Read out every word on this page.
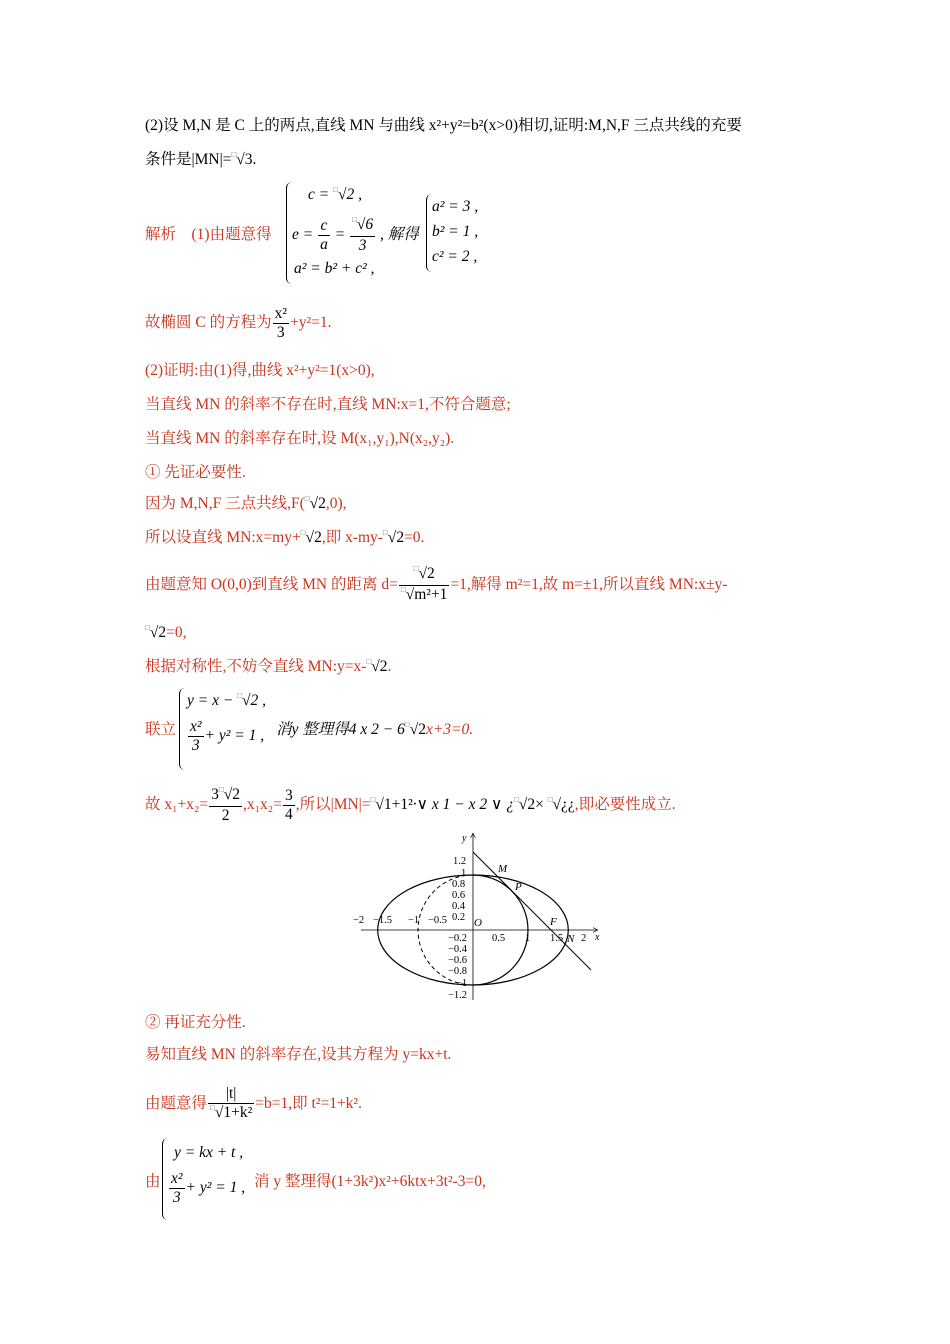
(2)设 M,N 是 C 上的两点,直线 MN 与曲线 x²+y²=b²(x>0)相切,证明:M,N,F 三点共线的充要
条件是|MN|=□√3.
解析　(1)由题意得
c = □√2 ,
$e = \frac{c}{a} = \frac{^□√6}{3}$ , 解得
a² = b² + c² ,
a² = 3 ,
b² = 1 ,
c² = 2 ,
故椭圆 C 的方程为 $\frac{\text{x²}}{3} +y^2=1$.
(2)证明:由(1)得,曲线 x²+y²=1(x>0),
当直线 MN 的斜率不存在时,直线 MN:x=1,不符合题意;
当直线 MN 的斜率存在时,设 M(x₁,y₁),N(x₂,y₂).
① 先证必要性.
因为 M,N,F 三点共线,F(□√2,0),
所以设直线 MN:x=my+□√2,即 x-my-□√2=0.
由题意知 O(0,0)到直线 MN 的距离 $d= \frac{^□√2}{^□√m^2+1} =1$,解得 m²=1,故 m=±1,所以直线 MN:x±y-
□√2=0,
根据对称性,不妨令直线 MN:y=x-□√2.
联立
y = x − □√2 ,
$\frac{\text{x²}}{3} + y^2 = 1$ , 消y 整理得4 x 2 − 6□√2x+3=0.
故 $x_1+x_2= \frac{3^□√2}{2} ,x_1x_2= \frac{3}{4}$ ,所以|MN|=□√1+1²·∨ x 1 − x 2 ∨ ¿□√2× □√¿¿,即必要性成立.
x
y
−2 −1.5 −1 −0.5
0.5 1 1.5 2
1.2
1
0.8
0.6
0.4
0.2
−0.2
−0.4
−0.6
−0.8
−1
−1.2
O
M
P
F
N
② 再证充分性.
易知直线 MN 的斜率存在,设其方程为 y=kx+t.
由题意得 $\frac{|t|}{^□√1+k^2} =b=1$,即 t²=1+k².
由
y = kx + t ,
$\frac{\text{x²}}{3} + y^2 = 1$ , 消 y 整理得(1+3k²)x²+6ktx+3t²-3=0,
